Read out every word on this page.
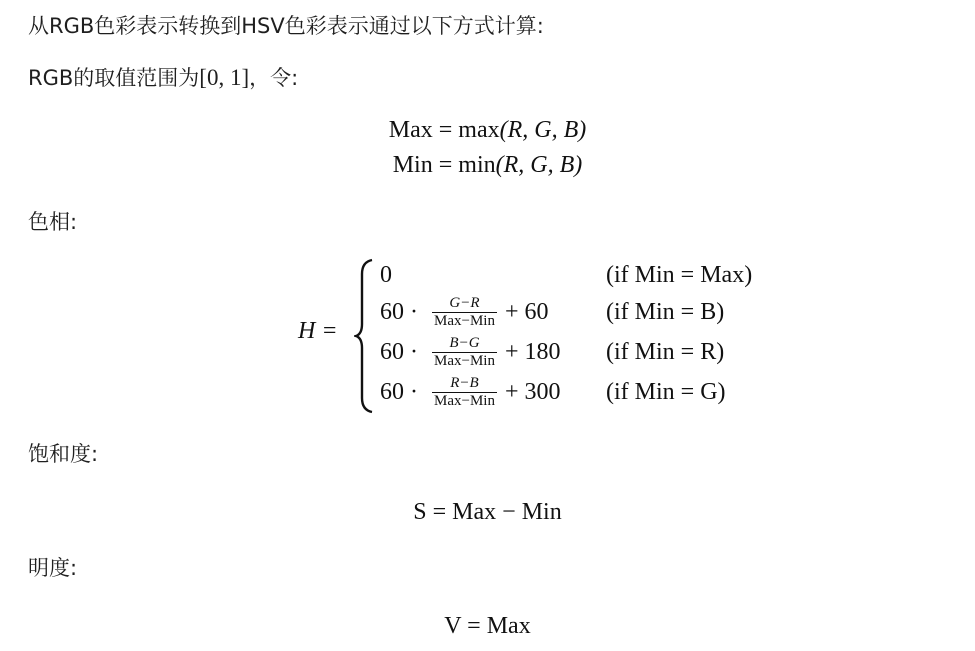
从RGB色彩表示转换到HSV色彩表示通过以下方式计算:
RGB的取值范围为[0, 1]，令:
Max = max(R, G, B)
Min = min(R, G, B)
色相:
H =
0	(if Min = Max)
$60 \cdot \frac{G-R}{\text{Max−Min}} + 60$ (if Min = B)
$60 \cdot \frac{B-G}{\text{Max−Min}} + 180$ (if Min = R)
$60 \cdot \frac{R-B}{\text{Max−Min}} + 300$ (if Min = G)
饱和度:
S = Max − Min
明度:
V = Max
